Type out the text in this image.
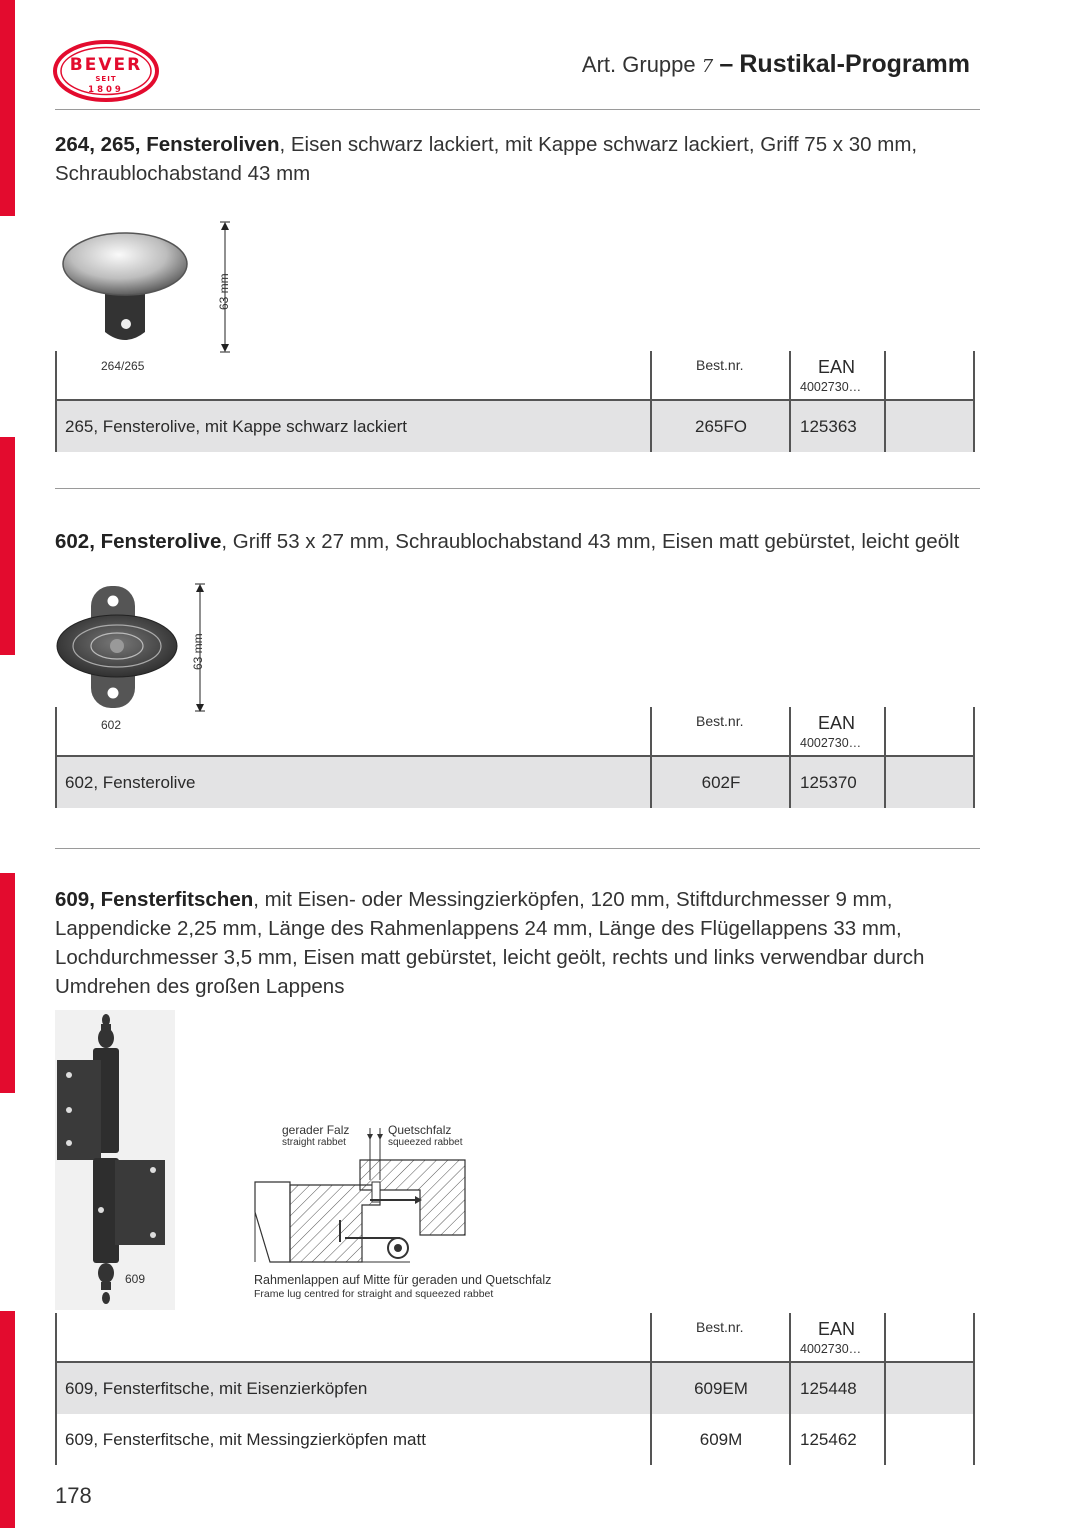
BEVER
SEIT
1809
Art. Gruppe 7 – Rustikal-Programm
264, 265, Fensteroliven, Eisen schwarz lackiert, mit Kappe schwarz lackiert, Griff 75 x 30 mm, Schraublochabstand 43 mm
63 mm
264/265	Best.nr.	EAN
4002730…
265, Fensterolive, mit Kappe schwarz lackiert	265FO	125363
602, Fensterolive, Griff 53 x 27 mm, Schraublochabstand 43 mm, Eisen matt gebürstet, leicht geölt
63 mm
602	Best.nr.	EAN
4002730…
602, Fensterolive	602F	125370
609, Fensterfitschen, mit Eisen- oder Messingzierköpfen, 120 mm, Stiftdurchmesser 9 mm, Lappendicke 2,25 mm, Länge des Rahmenlappens 24 mm, Länge des Flügellappens 33 mm, Lochdurchmesser 3,5 mm, Eisen matt gebürstet, leicht geölt, rechts und links verwendbar durch Umdrehen des großen Lappens
609
gerader Falz
straight rabbet
Quetschfalz
squeezed rabbet
Rahmenlappen auf Mitte für geraden und Quetschfalz
Frame lug centred for straight and squeezed rabbet
Best.nr.	EAN
4002730…
609, Fensterfitsche, mit Eisenzierköpfen	609EM	125448
609, Fensterfitsche, mit Messingzierköpfen matt	609M	125462
178
